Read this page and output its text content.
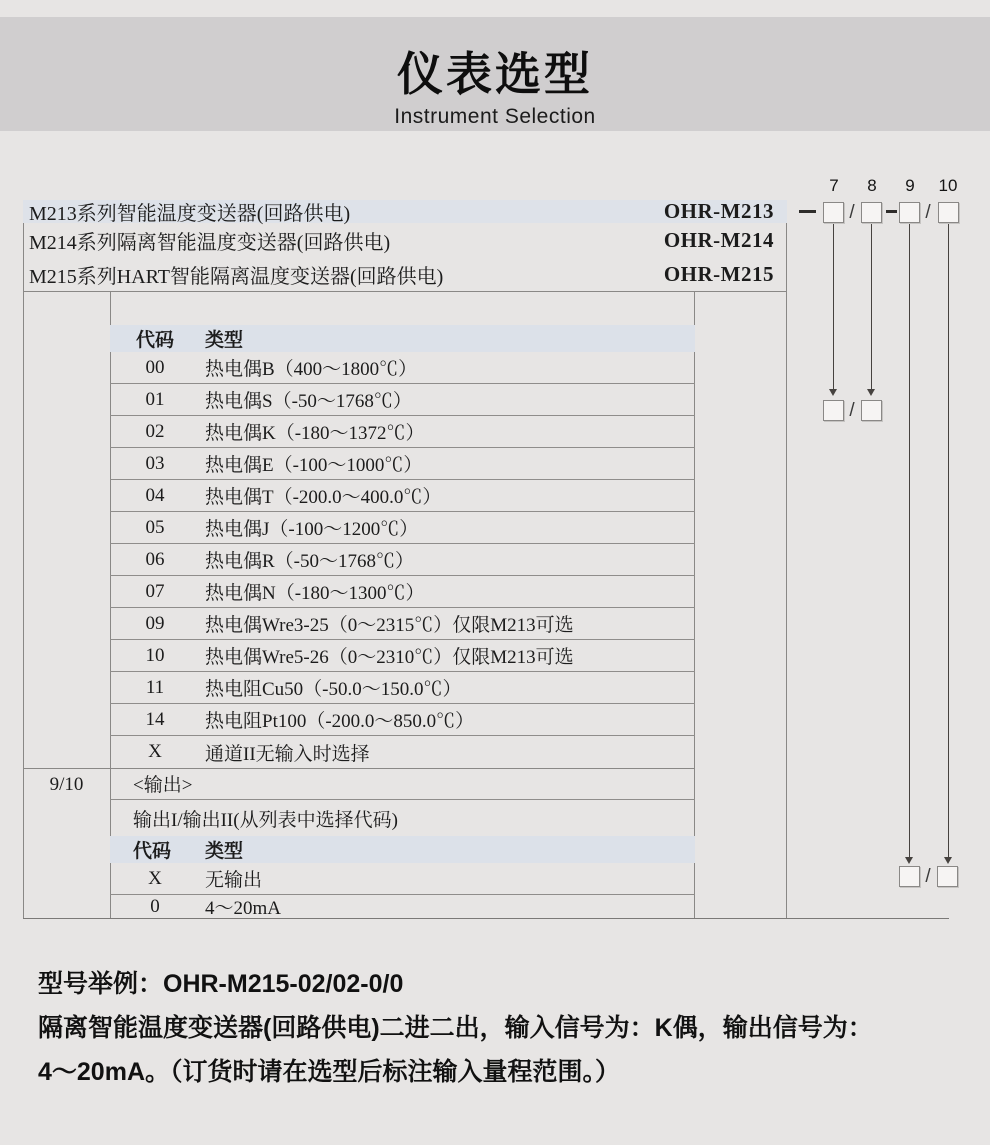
仪表选型
Instrument Selection
M213系列智能温度变送器(回路供电)	OHR-M213
M214系列隔离智能温度变送器(回路供电)	OHR-M214
M215系列HART智能隔离温度变送器(回路供电)	OHR-M215
代码	类型
00	热电偶B（400～1800℃）
01	热电偶S（-50～1768℃）
02	热电偶K（-180～1372℃）
03	热电偶E（-100～1000℃）
04	热电偶T（-200.0～400.0℃）
05	热电偶J（-100～1200℃）
06	热电偶R（-50～1768℃）
07	热电偶N（-180～1300℃）
09	热电偶Wre3-25（0～2315℃）仅限M213可选
10	热电偶Wre5-26（0～2310℃）仅限M213可选
11	热电阻Cu50（-50.0～150.0℃）
14	热电阻Pt100（-200.0～850.0℃）
X	通道II无输入时选择
9/10	<输出>
输出I/输出II(从列表中选择代码)
代码	类型
X	无输出
0	4～20mA
7	8	9	10
/	/
/
/
型号举例：OHR-M215-02/02-0/0
隔离智能温度变送器(回路供电)二进二出，输入信号为：K偶，输出信号为：
4～20mA。（订货时请在选型后标注输入量程范围。）
